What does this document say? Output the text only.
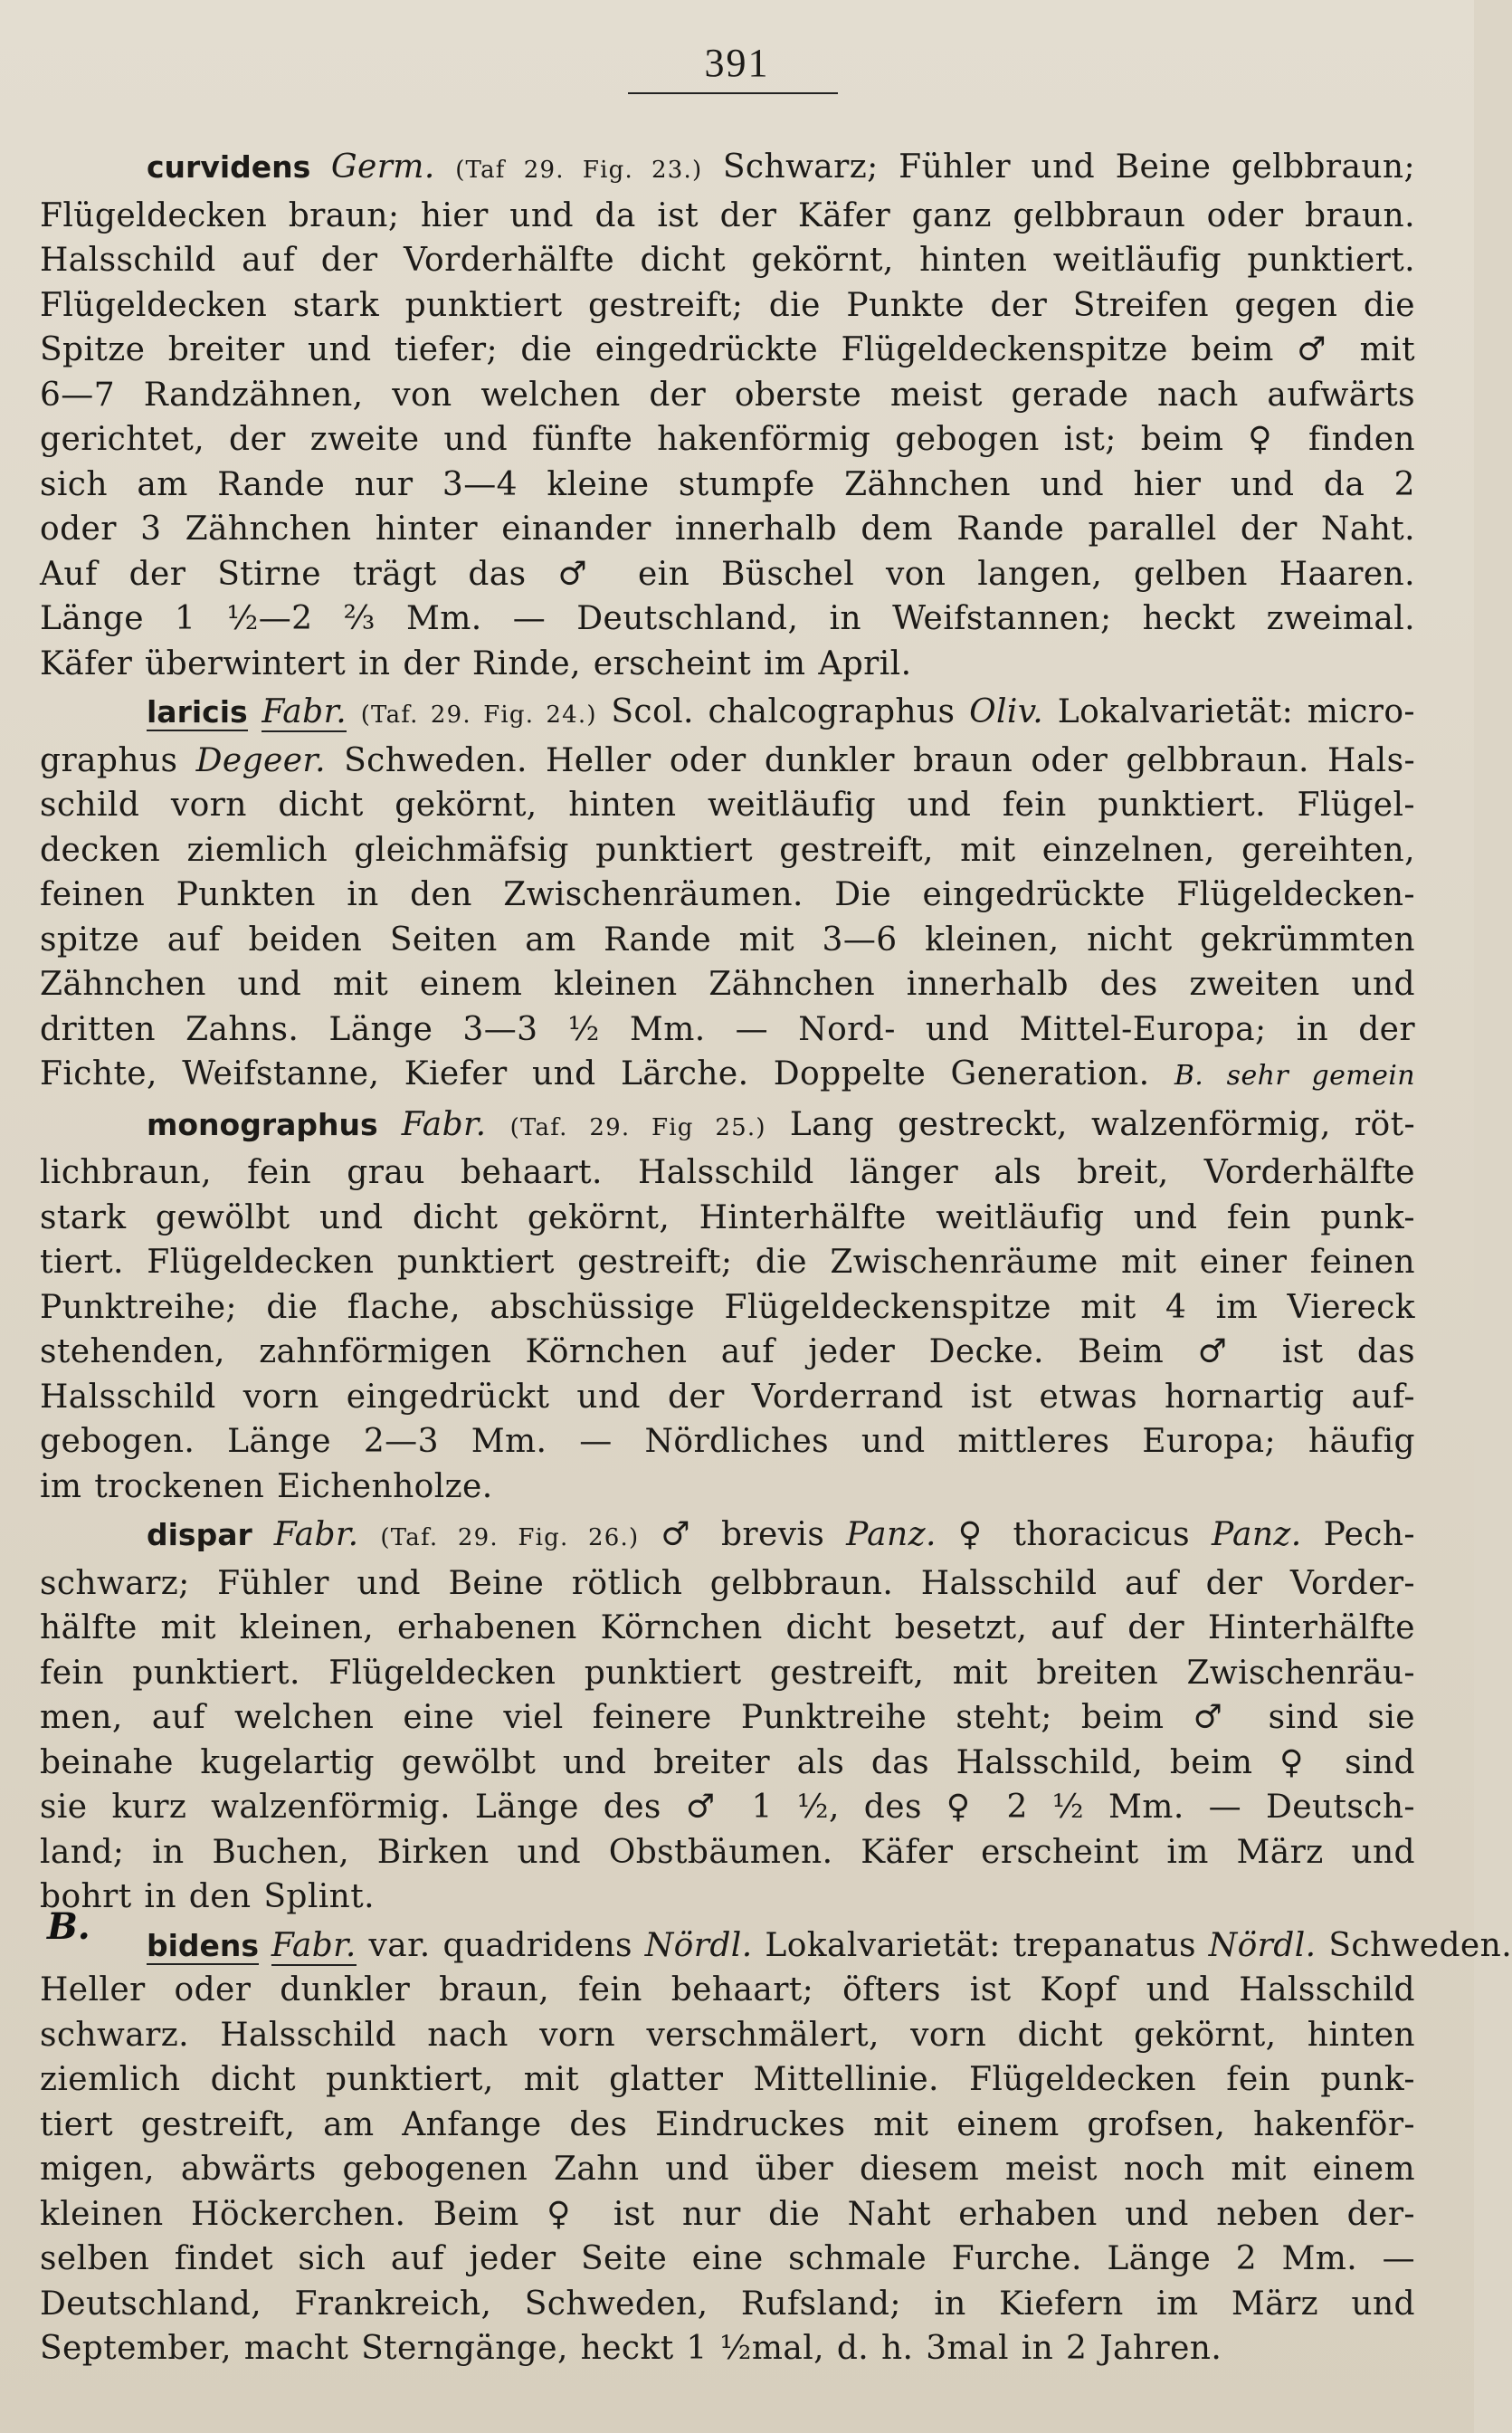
391
B.

curvidens Germ. (Taf 29. Fig. 23.) Schwarz; Fühler und Beine gelbbraun;

Flügeldecken braun; hier und da ist der Käfer ganz gelbbraun oder braun.

Halsschild auf der Vorderhälfte dicht gekörnt, hinten weitläufig punktiert.

Flügeldecken stark punktiert gestreift; die Punkte der Streifen gegen die

Spitze breiter und tiefer; die eingedrückte Flügeldeckenspitze beim ♂ mit

6—7 Randzähnen, von welchen der oberste meist gerade nach aufwärts

gerichtet, der zweite und fünfte hakenförmig gebogen ist; beim ♀ finden

sich am Rande nur 3—4 kleine stumpfe Zähnchen und hier und da 2

oder 3 Zähnchen hinter einander innerhalb dem Rande parallel der Naht.

Auf der Stirne trägt das ♂ ein Büschel von langen, gelben Haaren.

Länge 1 ½—2 ⅔ Mm. — Deutschland, in Weifstannen; heckt zweimal.

Käfer überwintert in der Rinde, erscheint im April.

laricis Fabr. (Taf. 29. Fig. 24.) Scol. chalcographus Oliv. Lokalvarietät: micro-

graphus Degeer. Schweden. Heller oder dunkler braun oder gelbbraun. Hals-

schild vorn dicht gekörnt, hinten weitläufig und fein punktiert. Flügel-

decken ziemlich gleichmäfsig punktiert gestreift, mit einzelnen, gereihten,

feinen Punkten in den Zwischenräumen. Die eingedrückte Flügeldecken-

spitze auf beiden Seiten am Rande mit 3—6 kleinen, nicht gekrümmten

Zähnchen und mit einem kleinen Zähnchen innerhalb des zweiten und

dritten Zahns. Länge 3—3 ½ Mm. — Nord- und Mittel-Europa; in der

Fichte, Weifstanne, Kiefer und Lärche. Doppelte Generation. B. sehr gemein

monographus Fabr. (Taf. 29. Fig 25.) Lang gestreckt, walzenförmig, röt-

lichbraun, fein grau behaart. Halsschild länger als breit, Vorderhälfte

stark gewölbt und dicht gekörnt, Hinterhälfte weitläufig und fein punk-

tiert. Flügeldecken punktiert gestreift; die Zwischenräume mit einer feinen

Punktreihe; die flache, abschüssige Flügeldeckenspitze mit 4 im Viereck

stehenden, zahnförmigen Körnchen auf jeder Decke. Beim ♂ ist das

Halsschild vorn eingedrückt und der Vorderrand ist etwas hornartig auf-

gebogen. Länge 2—3 Mm. — Nördliches und mittleres Europa; häufig

im trockenen Eichenholze.

dispar Fabr. (Taf. 29. Fig. 26.) ♂ brevis Panz. ♀ thoracicus Panz. Pech-

schwarz; Fühler und Beine rötlich gelbbraun. Halsschild auf der Vorder-

hälfte mit kleinen, erhabenen Körnchen dicht besetzt, auf der Hinterhälfte

fein punktiert. Flügeldecken punktiert gestreift, mit breiten Zwischenräu-

men, auf welchen eine viel feinere Punktreihe steht; beim ♂ sind sie

beinahe kugelartig gewölbt und breiter als das Halsschild, beim ♀ sind

sie kurz walzenförmig. Länge des ♂ 1 ½, des ♀ 2 ½ Mm. — Deutsch-

land; in Buchen, Birken und Obstbäumen. Käfer erscheint im März und

bohrt in den Splint.

bidens Fabr. var. quadridens Nördl. Lokalvarietät: trepanatus Nördl. Schweden.

Heller oder dunkler braun, fein behaart; öfters ist Kopf und Halsschild

schwarz. Halsschild nach vorn verschmälert, vorn dicht gekörnt, hinten

ziemlich dicht punktiert, mit glatter Mittellinie. Flügeldecken fein punk-

tiert gestreift, am Anfange des Eindruckes mit einem grofsen, hakenför-

migen, abwärts gebogenen Zahn und über diesem meist noch mit einem

kleinen Höckerchen. Beim ♀ ist nur die Naht erhaben und neben der-

selben findet sich auf jeder Seite eine schmale Furche. Länge 2 Mm. —

Deutschland, Frankreich, Schweden, Rufsland; in Kiefern im März und

September, macht Sterngänge, heckt 1 ½mal, d. h. 3mal in 2 Jahren.
